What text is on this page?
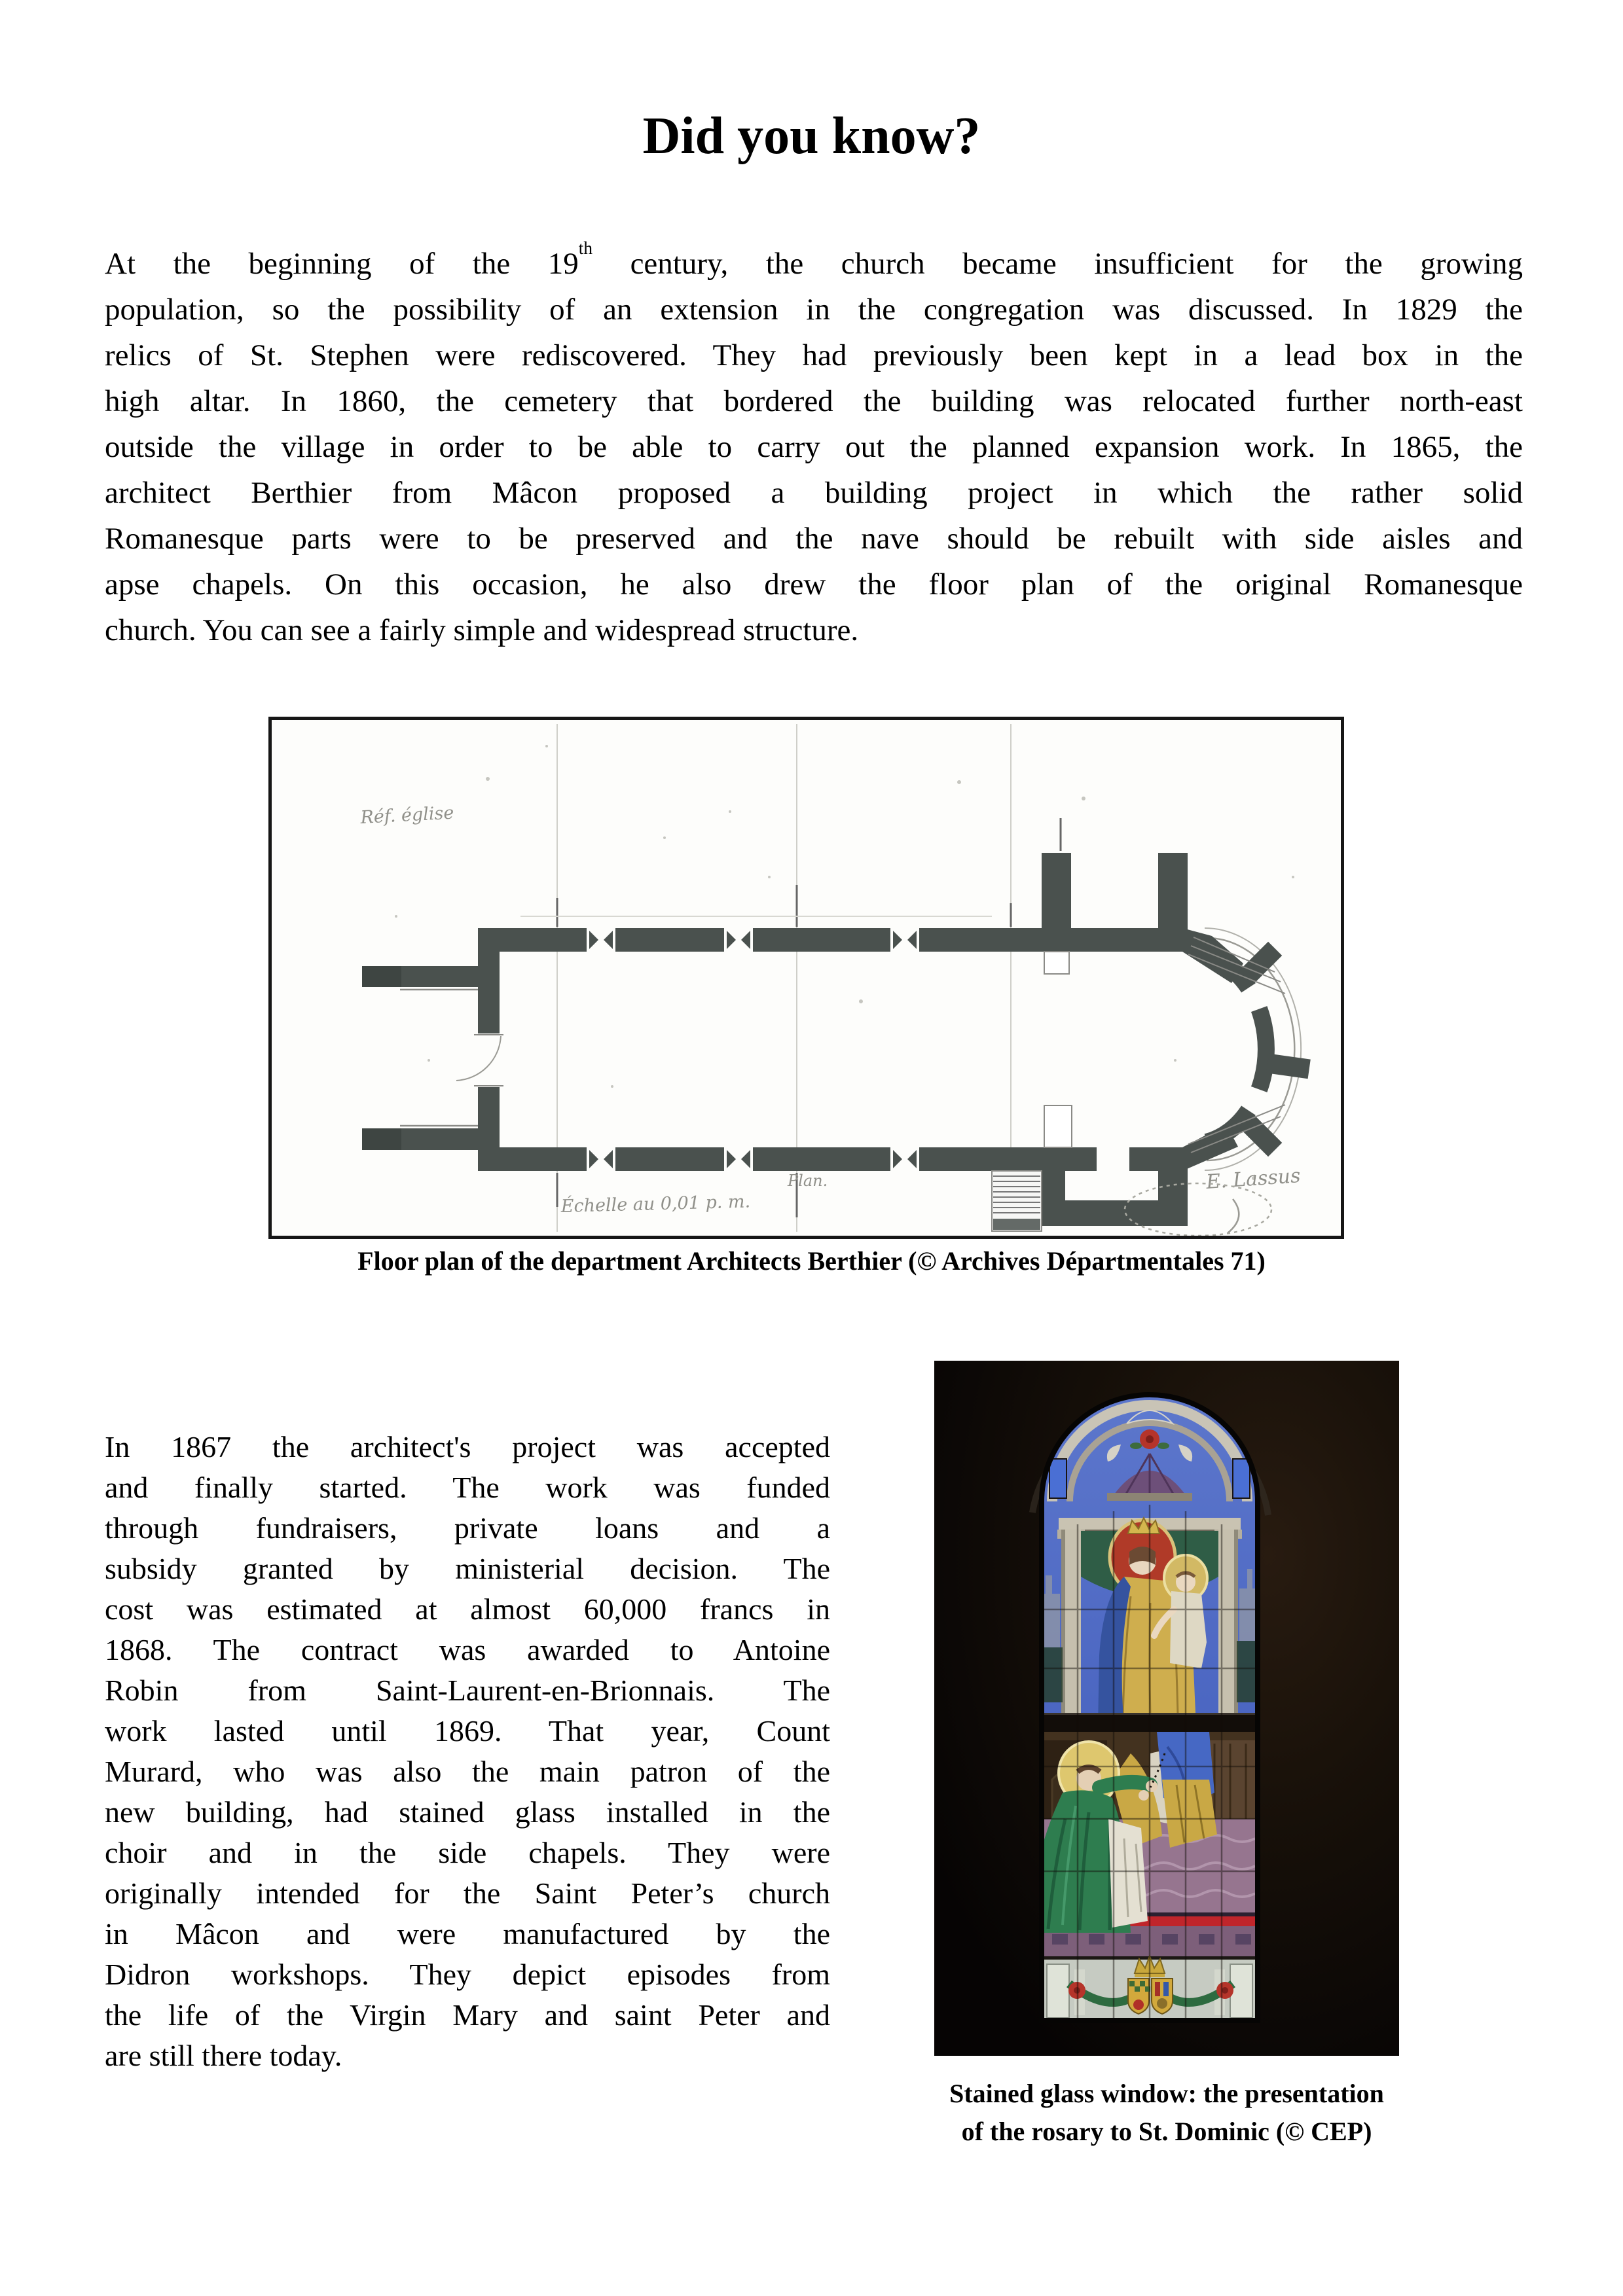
Did you know?
At the beginning of the 19th century, the church became insufficient for the growing
population, so the possibility of an extension in the congregation was discussed. In 1829 the
relics of St. Stephen were rediscovered. They had previously been kept in a lead box in the
high altar. In 1860, the cemetery that bordered the building was relocated further north-east
outside the village in order to be able to carry out the planned expansion work. In 1865, the
architect Berthier from Mâcon proposed a building project in which the rather solid
Romanesque parts were to be preserved and the nave should be rebuilt with side aisles and
apse chapels. On this occasion, he also drew the floor plan of the original Romanesque
church. You can see a fairly simple and widespread structure.
Réf. église
Échelle au 0,01 p. m.
Plan.	E. Lassus
Floor plan of the department Architects Berthier (© Archives Départmentales 71)
In 1867 the architect's project was accepted
and finally started. The work was funded
through fundraisers, private loans and a
subsidy granted by ministerial decision. The
cost was estimated at almost 60,000 francs in
1868. The contract was awarded to Antoine
Robin from Saint-Laurent-en-Brionnais. The
work lasted until 1869. That year, Count
Murard, who was also the main patron of the
new building, had stained glass installed in the
choir and in the side chapels. They were
originally intended for the Saint Peter’s church
in Mâcon and were manufactured by the
Didron workshops. They depict episodes from
the life of the Virgin Mary and saint Peter and
are still there today.
Stained glass window: the presentation
of the rosary to St. Dominic (© CEP)
